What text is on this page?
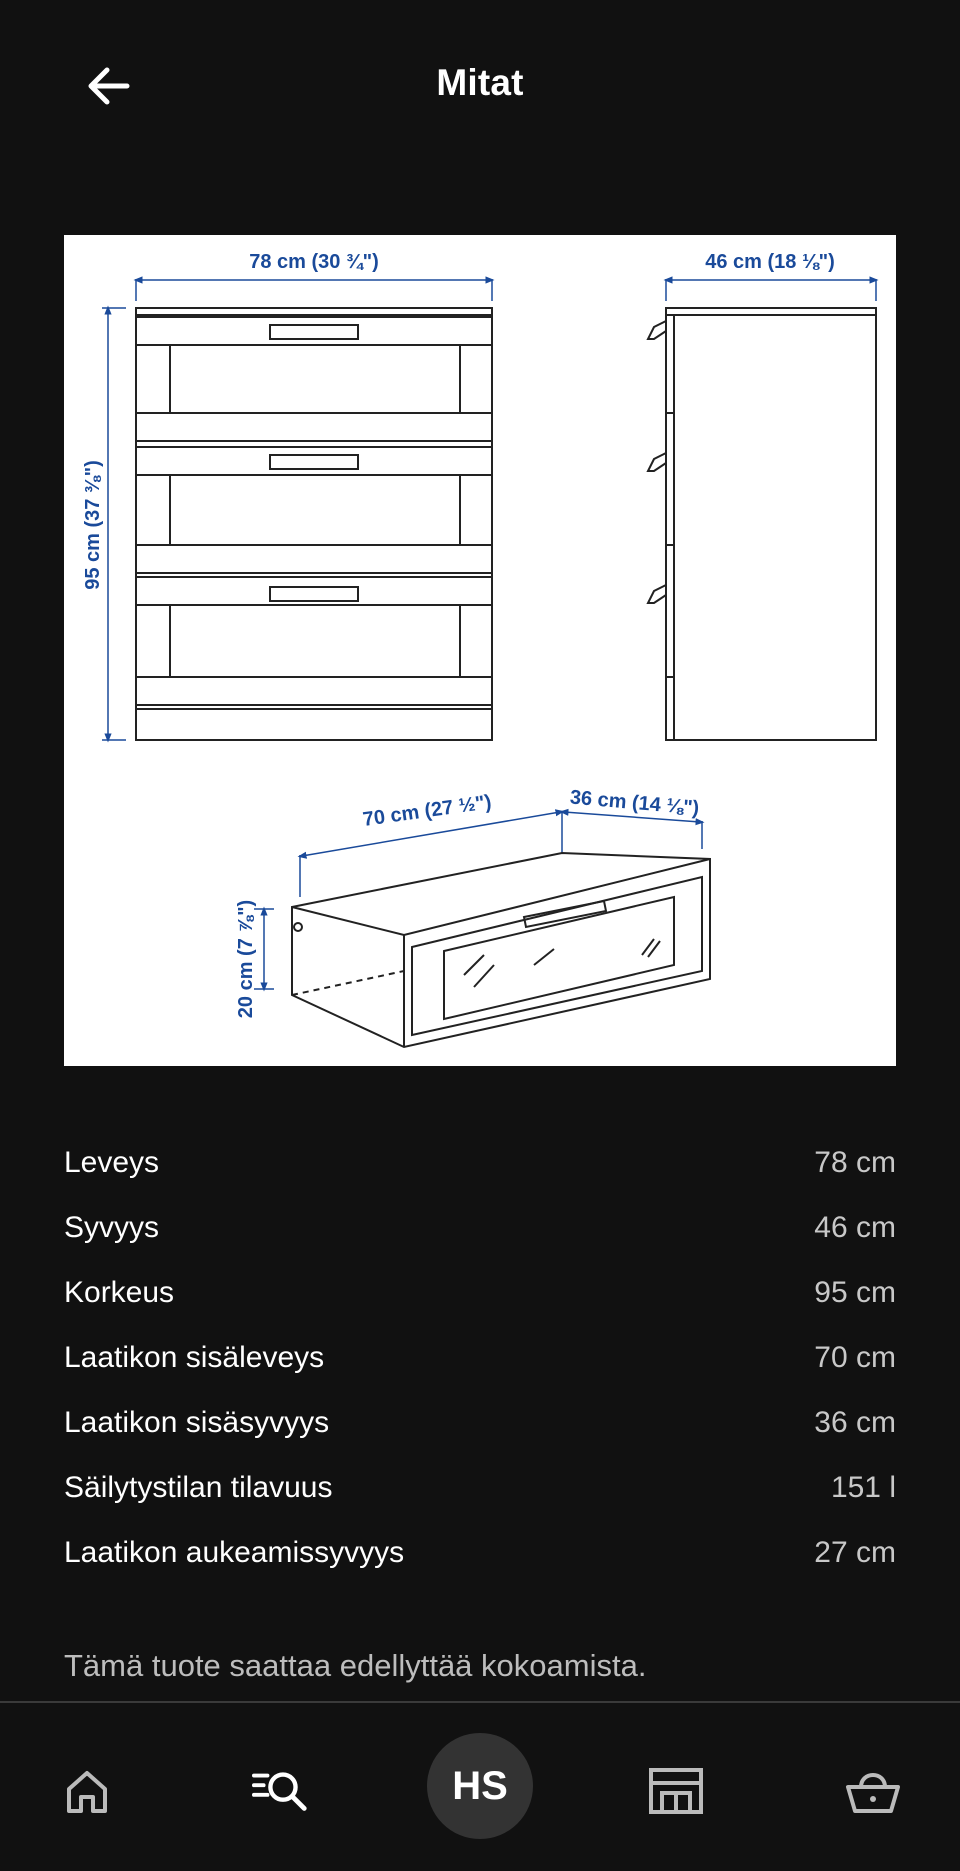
Mitat
78 cm (30 ¾")
95 cm (37 ⅜")
46 cm (18 ⅛")
70 cm (27 ½")	36 cm (14 ⅛")
20 cm (7 ⅞")
Leveys	78 cm
Syvyys	46 cm
Korkeus	95 cm
Laatikon sisäleveys	70 cm
Laatikon sisäsyvyys	36 cm
Säilytystilan tilavuus	151 l
Laatikon aukeamissyvyys	27 cm
Tämä tuote saattaa edellyttää kokoamista.
HS
